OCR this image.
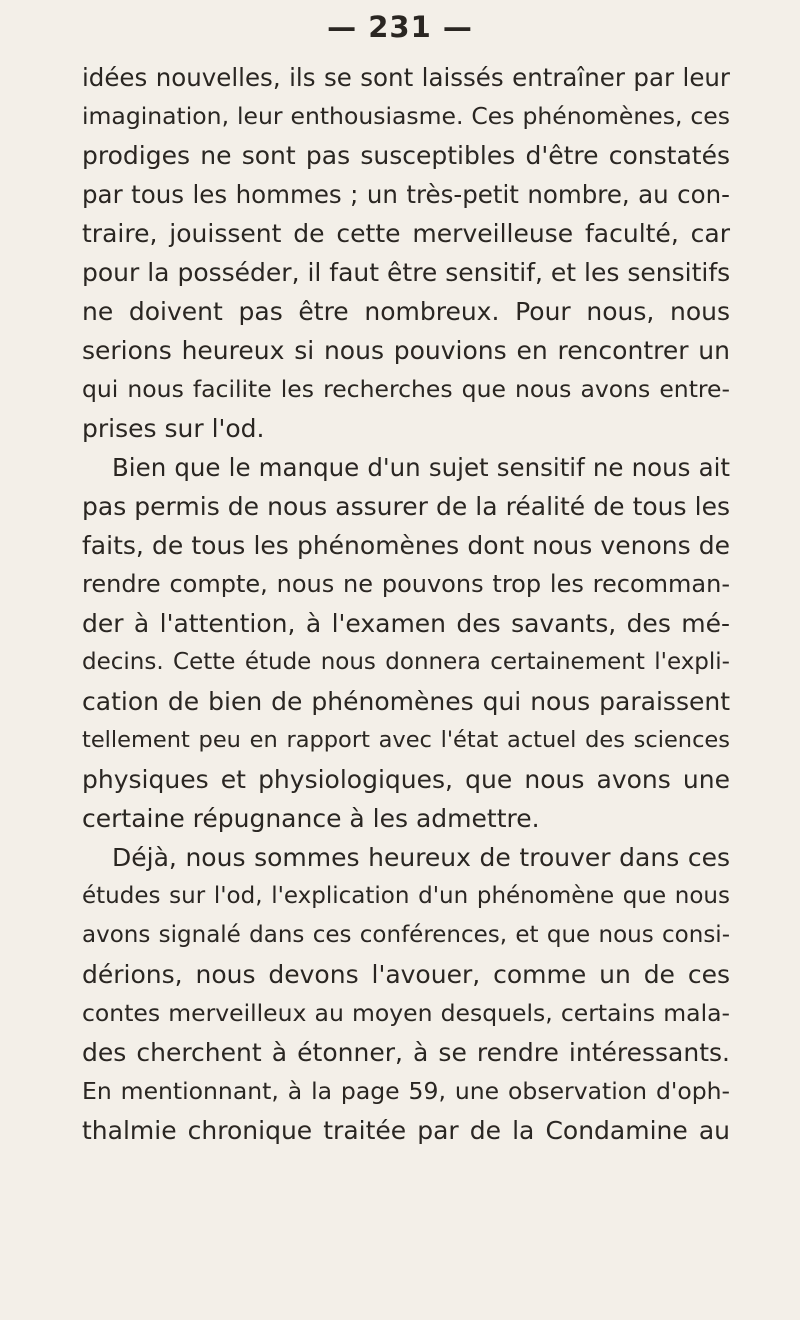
— 231 —
idées nouvelles, ils se sont laissés entraîner par leur
imagination, leur enthousiasme. Ces phénomènes, ces
prodiges ne sont pas susceptibles d'être constatés
par tous les hommes ; un très-petit nombre, au con-
traire, jouissent de cette merveilleuse faculté, car
pour la posséder, il faut être sensitif, et les sensitifs
ne doivent pas être nombreux. Pour nous, nous
serions heureux si nous pouvions en rencontrer un
qui nous facilite les recherches que nous avons entre-
prises sur l'od.
Bien que le manque d'un sujet sensitif ne nous ait
pas permis de nous assurer de la réalité de tous les
faits, de tous les phénomènes dont nous venons de
rendre compte, nous ne pouvons trop les recomman-
der à l'attention, à l'examen des savants, des mé-
decins. Cette étude nous donnera certainement l'expli-
cation de bien de phénomènes qui nous paraissent
tellement peu en rapport avec l'état actuel des sciences
physiques et physiologiques, que nous avons une
certaine répugnance à les admettre.
Déjà, nous sommes heureux de trouver dans ces
études sur l'od, l'explication d'un phénomène que nous
avons signalé dans ces conférences, et que nous consi-
dérions, nous devons l'avouer, comme un de ces
contes merveilleux au moyen desquels, certains mala-
des cherchent à étonner, à se rendre intéressants.
En mentionnant, à la page 59, une observation d'oph-
thalmie chronique traitée par de la Condamine au
